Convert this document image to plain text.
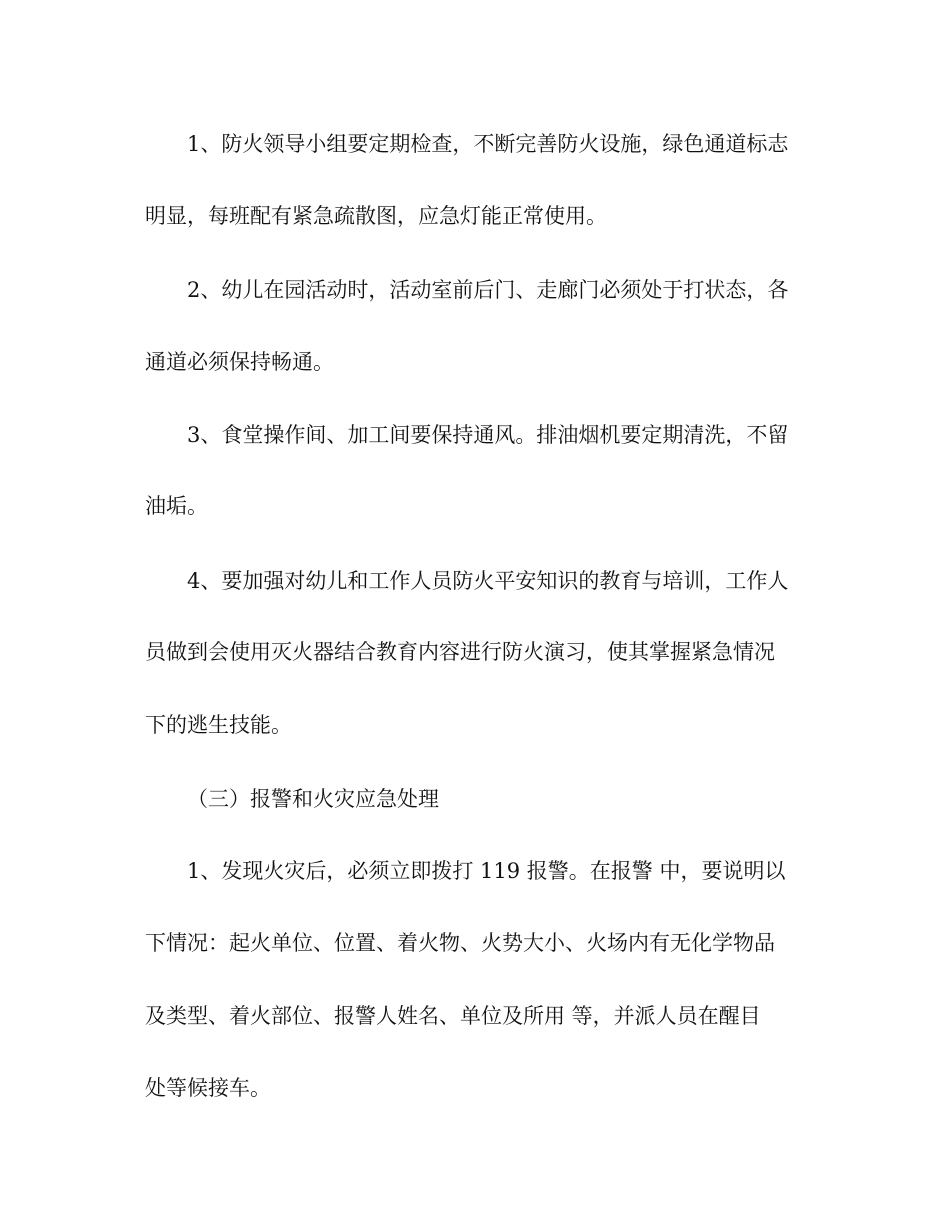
1、防火领导小组要定期检查，不断完善防火设施，绿色通道标志
明显，每班配有紧急疏散图，应急灯能正常使用。
2、幼儿在园活动时，活动室前后门、走廊门必须处于打状态，各
通道必须保持畅通。
3、食堂操作间、加工间要保持通风。排油烟机要定期清洗，不留
油垢。
4、要加强对幼儿和工作人员防火平安知识的教育与培训，工作人
员做到会使用灭火器结合教育内容进行防火演习，使其掌握紧急情况
下的逃生技能。
（三）报警和火灾应急处理
1、发现火灾后，必须立即拨打 119 报警。在报警 中，要说明以
下情况：起火单位、位置、着火物、火势大小、火场内有无化学物品
及类型、着火部位、报警人姓名、单位及所用 等，并派人员在醒目
处等候接车。
